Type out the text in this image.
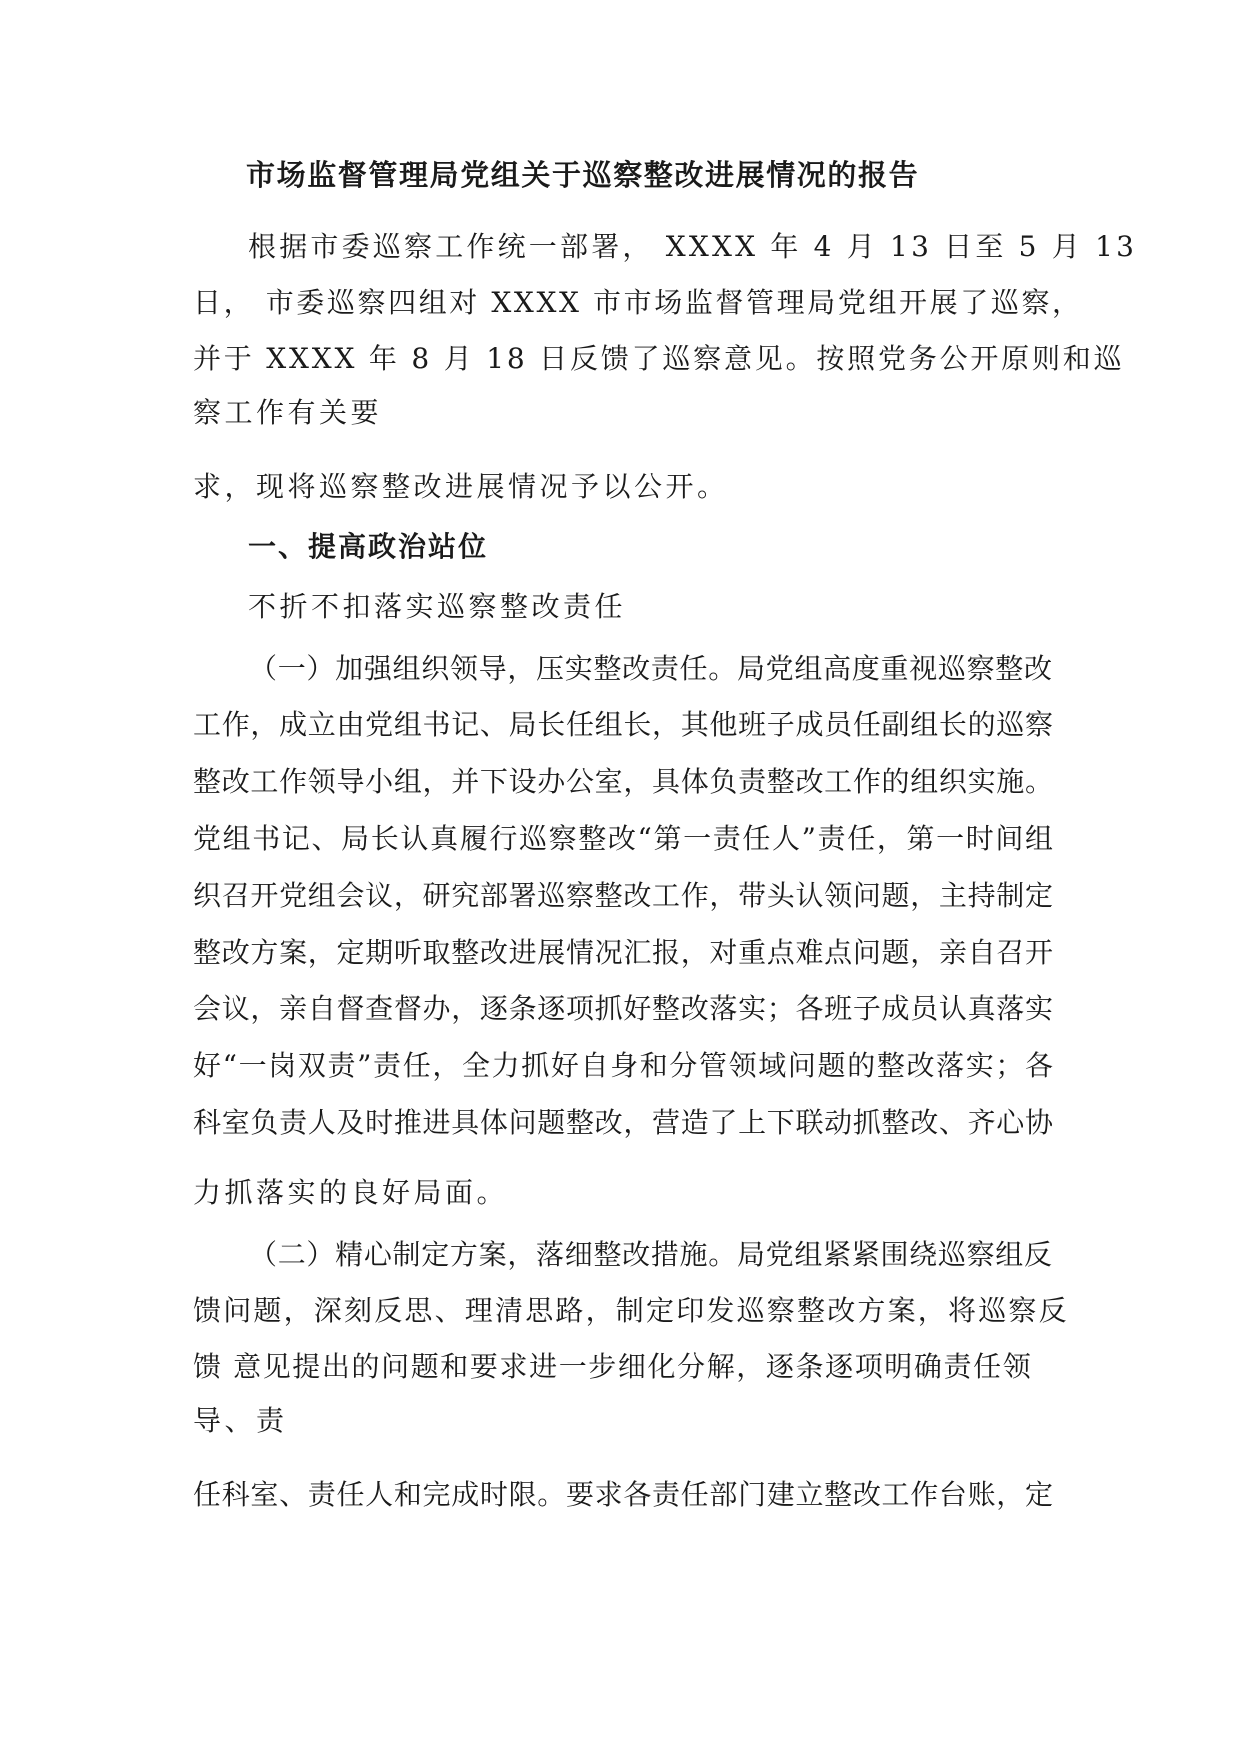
市场监督管理局党组关于巡察整改进展情况的报告
根据市委巡察工作统一部署， XXXX 年 4 月 13 日至 5 月 13
日， 市委巡察四组对 XXXX 市市场监督管理局党组开展了巡察，
并于 XXXX 年 8 月 18 日反馈了巡察意见。按照党务公开原则和巡
察工作有关要
求，现将巡察整改进展情况予以公开。
一、提高政治站位
不折不扣落实巡察整改责任
（一）加强组织领导，压实整改责任。局党组高度重视巡察整改
工作，成立由党组书记、局长任组长，其他班子成员任副组长的巡察
整改工作领导小组，并下设办公室，具体负责整改工作的组织实施。
党组书记、局长认真履行巡察整改“第一责任人”责任，第一时间组
织召开党组会议，研究部署巡察整改工作，带头认领问题，主持制定
整改方案，定期听取整改进展情况汇报，对重点难点问题，亲自召开
会议，亲自督查督办，逐条逐项抓好整改落实；各班子成员认真落实
好“一岗双责”责任，全力抓好自身和分管领域问题的整改落实；各
科室负责人及时推进具体问题整改，营造了上下联动抓整改、齐心协
力抓落实的良好局面。
（二）精心制定方案，落细整改措施。局党组紧紧围绕巡察组反
馈问题，深刻反思、理清思路，制定印发巡察整改方案，将巡察反
馈 意见提出的问题和要求进一步细化分解，逐条逐项明确责任领
导、责
任科室、责任人和完成时限。要求各责任部门建立整改工作台账，定
